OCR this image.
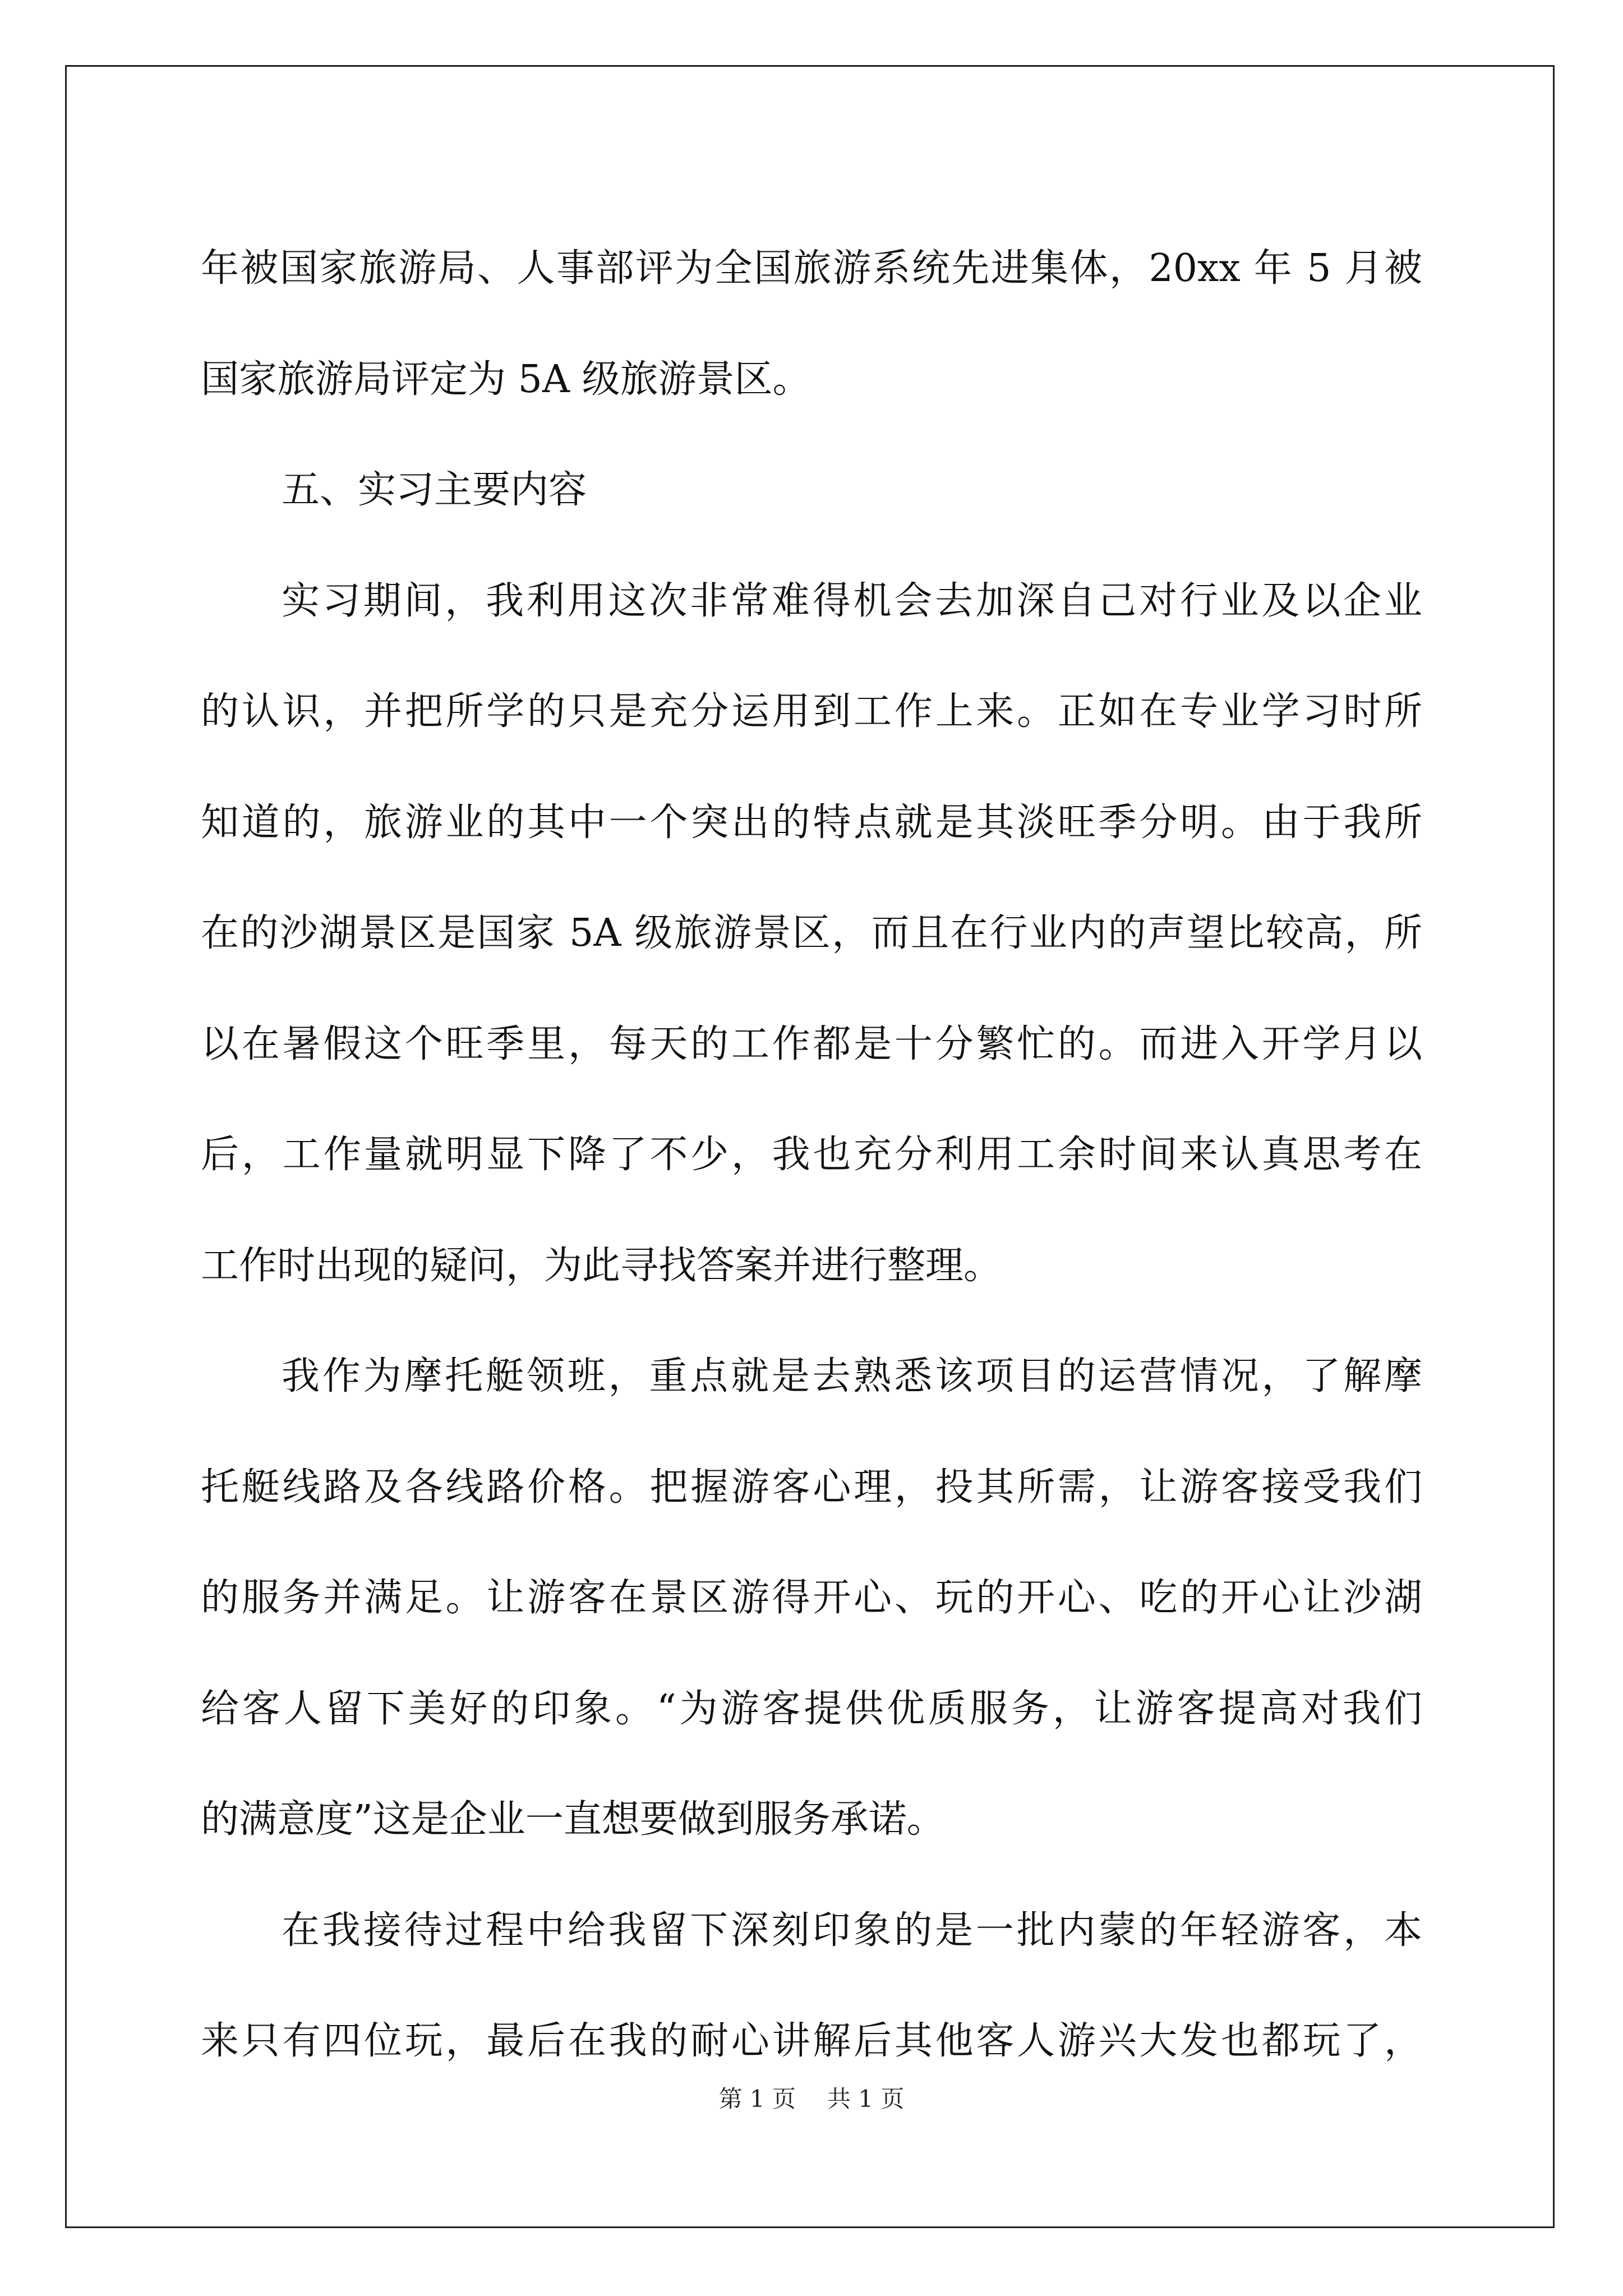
年被国家旅游局、人事部评为全国旅游系统先进集体，20xx 年 5 月被
国家旅游局评定为 5A 级旅游景区。
五、实习主要内容
实习期间，我利用这次非常难得机会去加深自己对行业及以企业
的认识，并把所学的只是充分运用到工作上来。正如在专业学习时所
知道的，旅游业的其中一个突出的特点就是其淡旺季分明。由于我所
在的沙湖景区是国家 5A 级旅游景区，而且在行业内的声望比较高，所
以在暑假这个旺季里，每天的工作都是十分繁忙的。而进入开学月以
后，工作量就明显下降了不少，我也充分利用工余时间来认真思考在
工作时出现的疑问，为此寻找答案并进行整理。
我作为摩托艇领班，重点就是去熟悉该项目的运营情况，了解摩
托艇线路及各线路价格。把握游客心理，投其所需，让游客接受我们
的服务并满足。让游客在景区游得开心、玩的开心、吃的开心让沙湖
给客人留下美好的印象。“为游客提供优质服务，让游客提高对我们
的满意度”这是企业一直想要做到服务承诺。
在我接待过程中给我留下深刻印象的是一批内蒙的年轻游客，本
来只有四位玩，最后在我的耐心讲解后其他客人游兴大发也都玩了，
第 1 页 共 1 页
